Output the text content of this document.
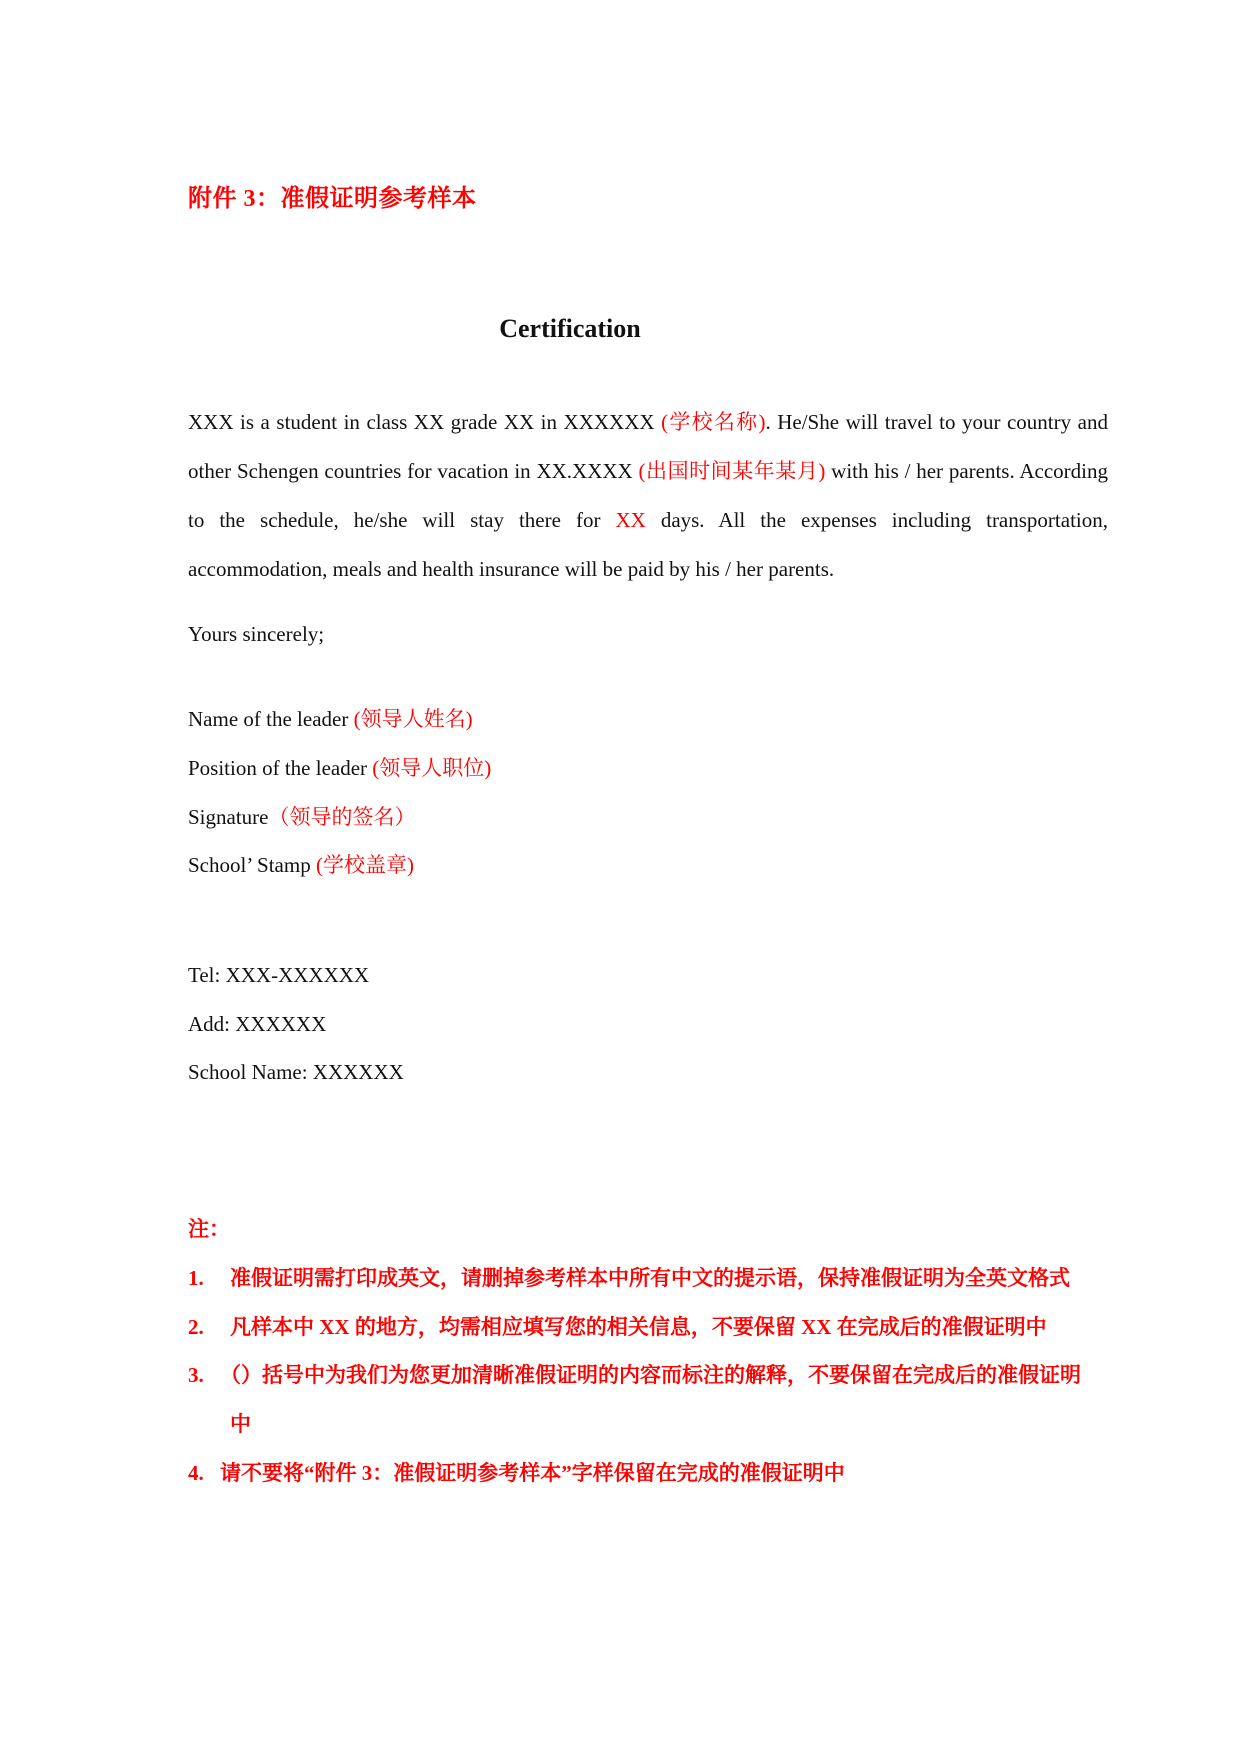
附件 3：准假证明参考样本
Certification
XXX is a student in class XX grade XX in XXXXXX (学校名称). He/She will travel to your country and other Schengen countries for vacation in XX.XXXX (出国时间某年某月) with his / her parents. According to the schedule, he/she will stay there for XX days. All the expenses including transportation, accommodation, meals and health insurance will be paid by his / her parents.
Yours sincerely;
Name of the leader (领导人姓名)
Position of the leader (领导人职位)
Signature（领导的签名）
School’ Stamp (学校盖章)
Tel: XXX-XXXXXX
Add: XXXXXX
School Name: XXXXXX
注：
1. 准假证明需打印成英文，请删掉参考样本中所有中文的提示语，保持准假证明为全英文格式
2. 凡样本中 XX 的地方，均需相应填写您的相关信息，不要保留 XX 在完成后的准假证明中
3. （）括号中为我们为您更加清晰准假证明的内容而标注的解释，不要保留在完成后的准假证明
中
4. 请不要将“附件 3：准假证明参考样本”字样保留在完成的准假证明中
